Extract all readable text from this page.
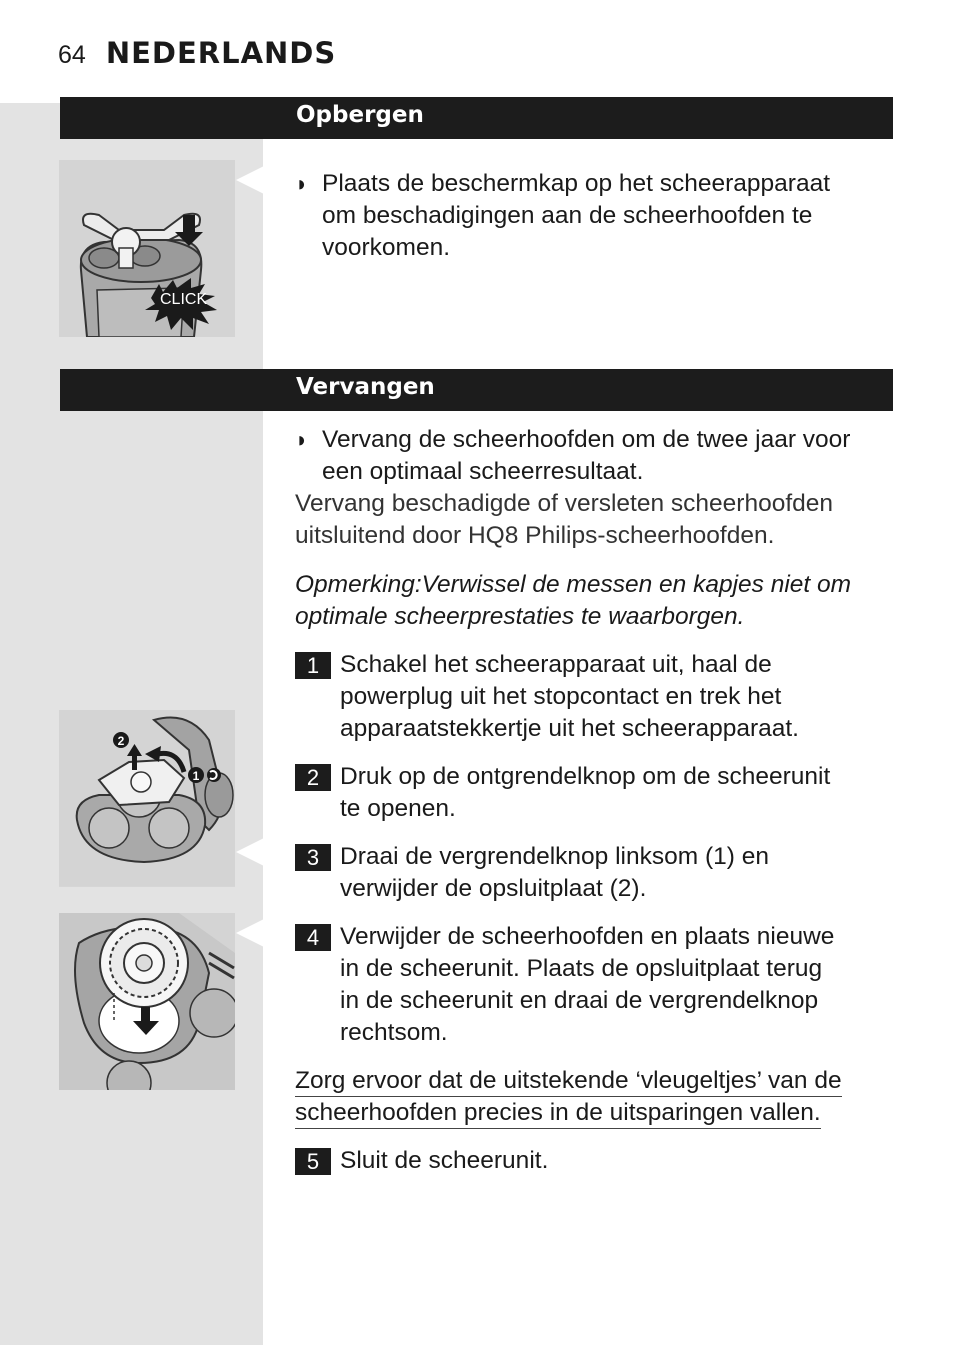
64 NEDERLANDS
Opbergen
CLICK
◗ Plaats de beschermkap op het scheerapparaat
om beschadigingen aan de scheerhoofden te
voorkomen.
Vervangen
◗ Vervang de scheerhoofden om de twee jaar voor
een optimaal scheerresultaat.
Vervang beschadigde of versleten scheerhoofden
uitsluitend door HQ8 Philips-scheerhoofden.
Opmerking:Verwissel de messen en kapjes niet om
optimale scheerprestaties te waarborgen.
1 Schakel het scheerapparaat uit, haal de
powerplug uit het stopcontact en trek het
apparaatstekkertje uit het scheerapparaat.
2 Druk op de ontgrendelknop om de scheerunit
te openen.
3 Draai de vergrendelknop linksom (1) en
verwijder de opsluitplaat (2).
4 Verwijder de scheerhoofden en plaats nieuwe
in de scheerunit. Plaats de opsluitplaat terug
in de scheerunit en draai de vergrendelknop
rechtsom.
Zorg ervoor dat de uitstekende ‘vleugeltjes’ van de
scheerhoofden precies in de uitsparingen vallen.
5 Sluit de scheerunit.
2
1
